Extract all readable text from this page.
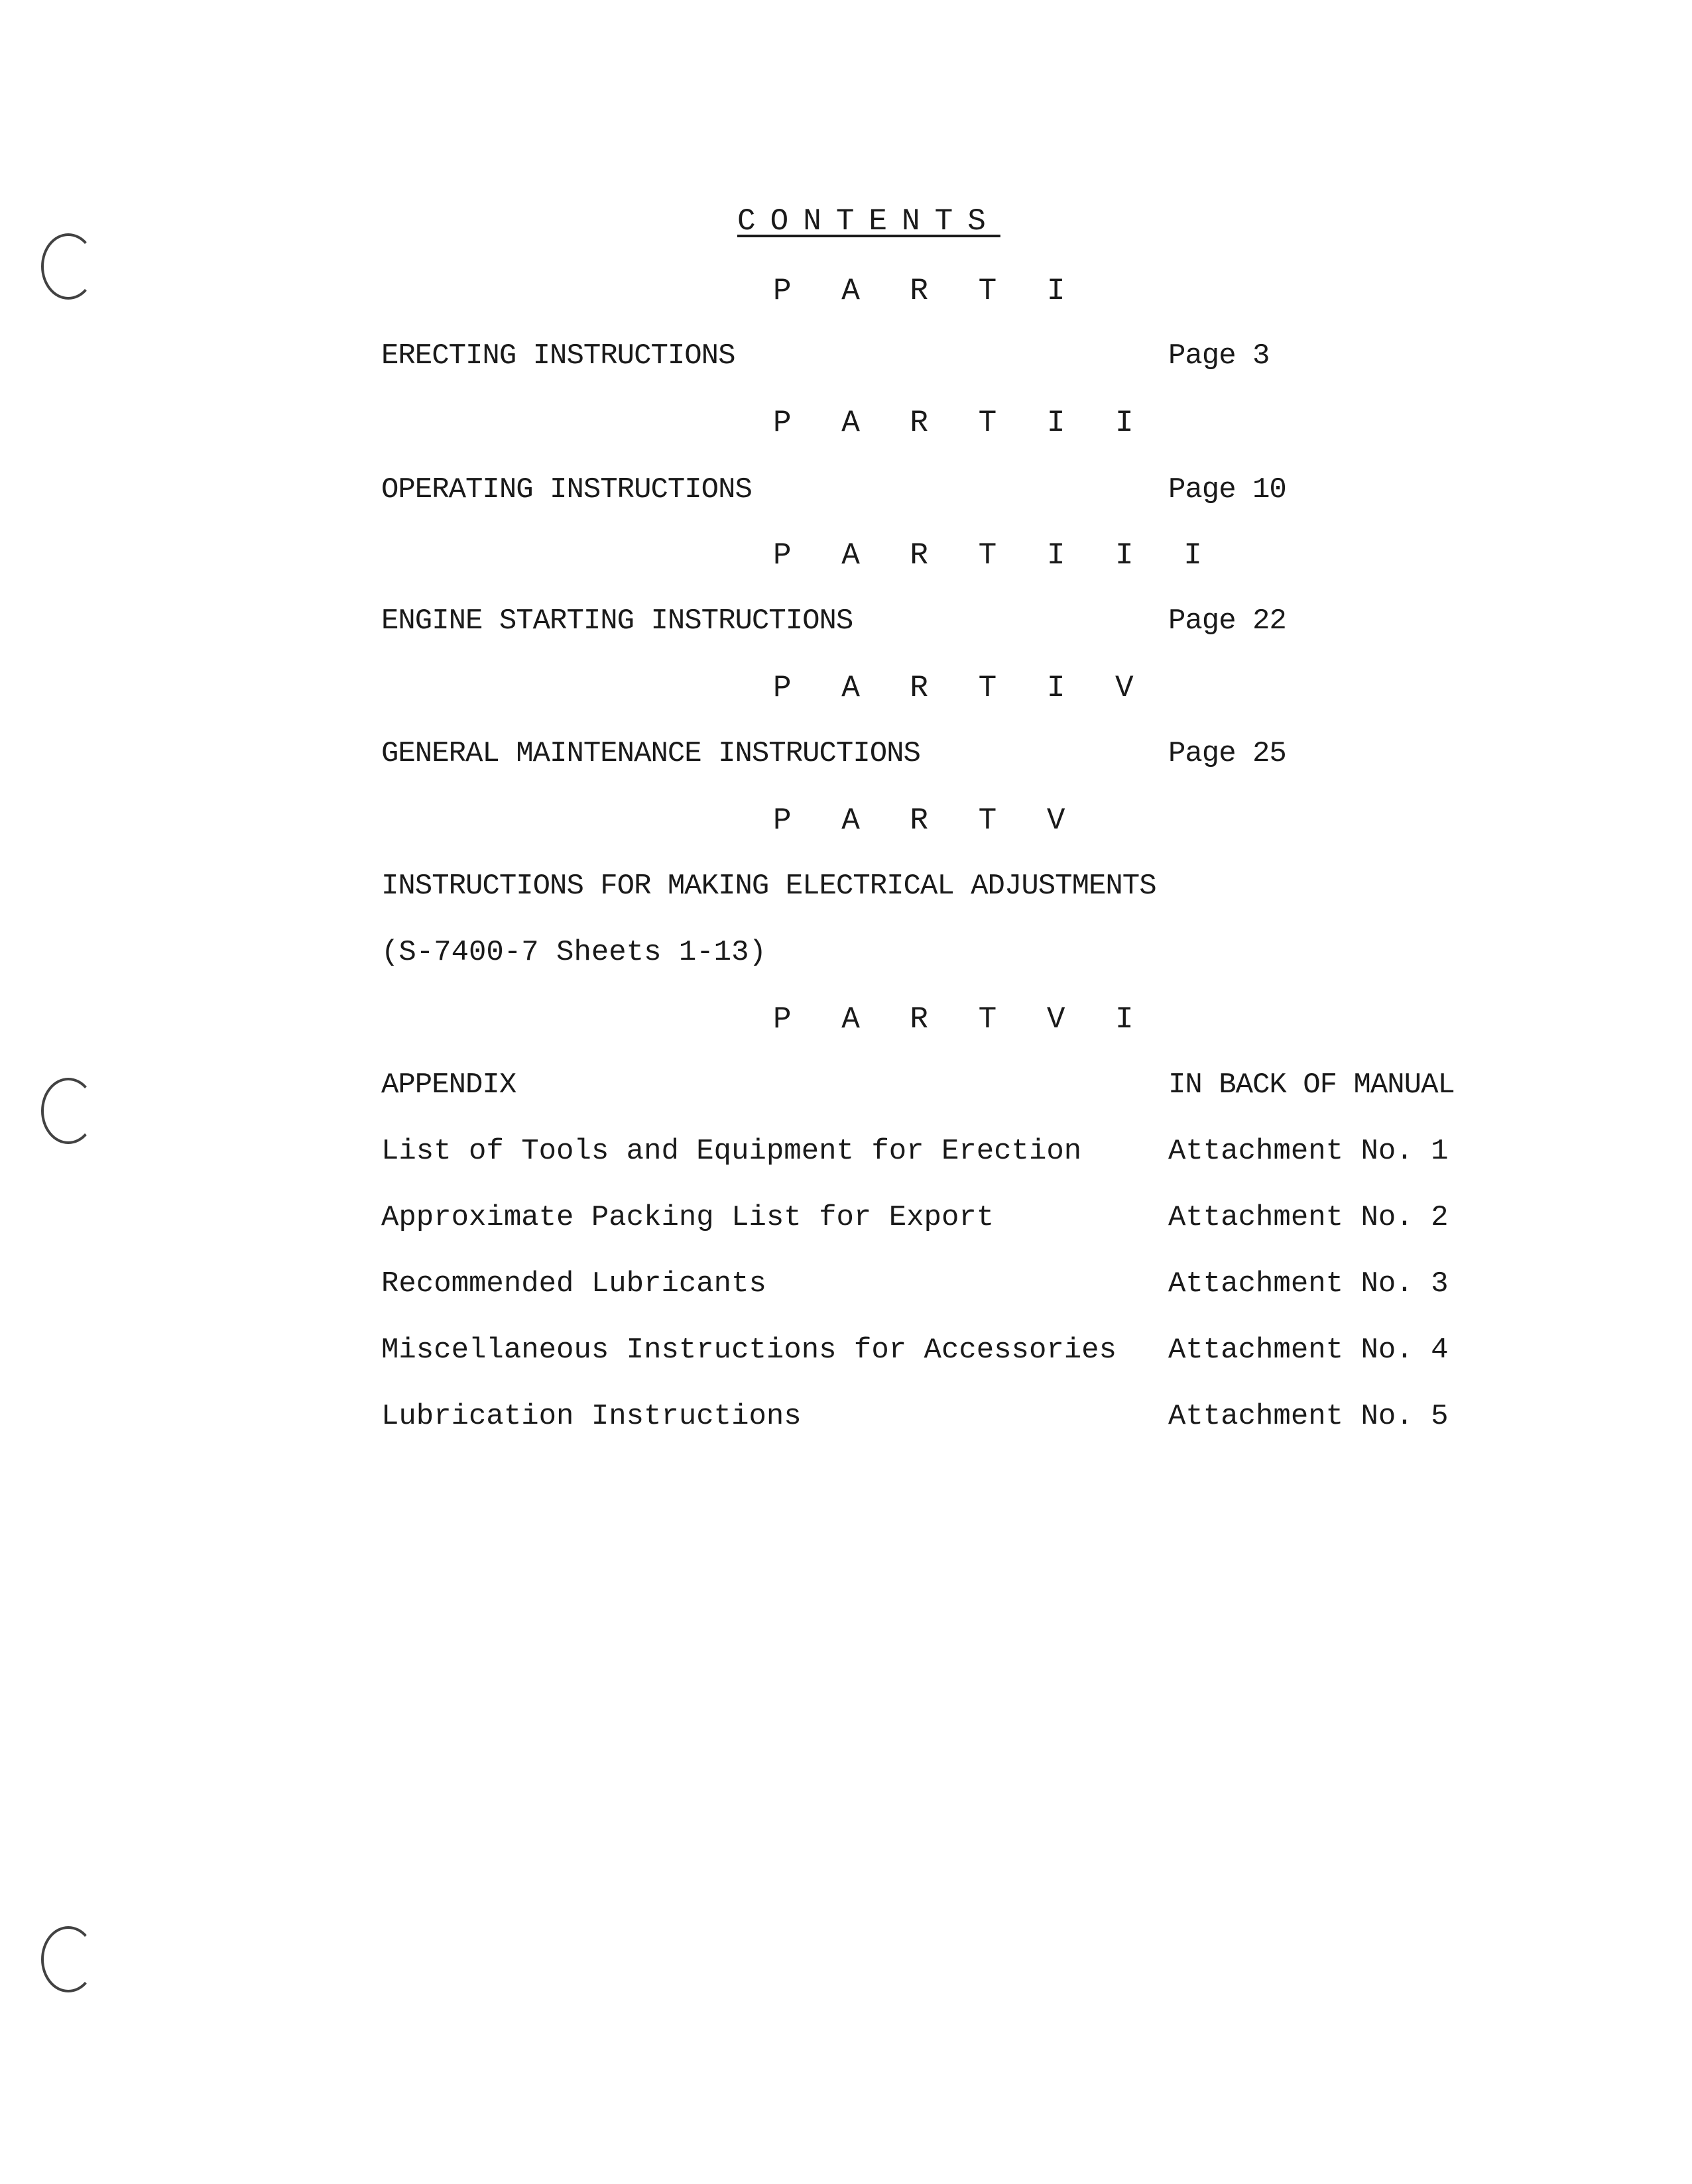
CONTENTS
P A R T I
ERECTING INSTRUCTIONS	Page 3
P A R T I I
OPERATING INSTRUCTIONS	Page 10
P A R T I I I
ENGINE STARTING INSTRUCTIONS	Page 22
P A R T I V
GENERAL MAINTENANCE INSTRUCTIONS	Page 25
P A R T V
INSTRUCTIONS FOR MAKING ELECTRICAL ADJUSTMENTS
(S-7400-7 Sheets 1-13)
P A R T V I
APPENDIX	IN BACK OF MANUAL
List of Tools and Equipment for Erection	Attachment No. 1
Approximate Packing List for Export	Attachment No. 2
Recommended Lubricants	Attachment No. 3
Miscellaneous Instructions for Accessories Attachment No. 4
Lubrication Instructions	Attachment No. 5
